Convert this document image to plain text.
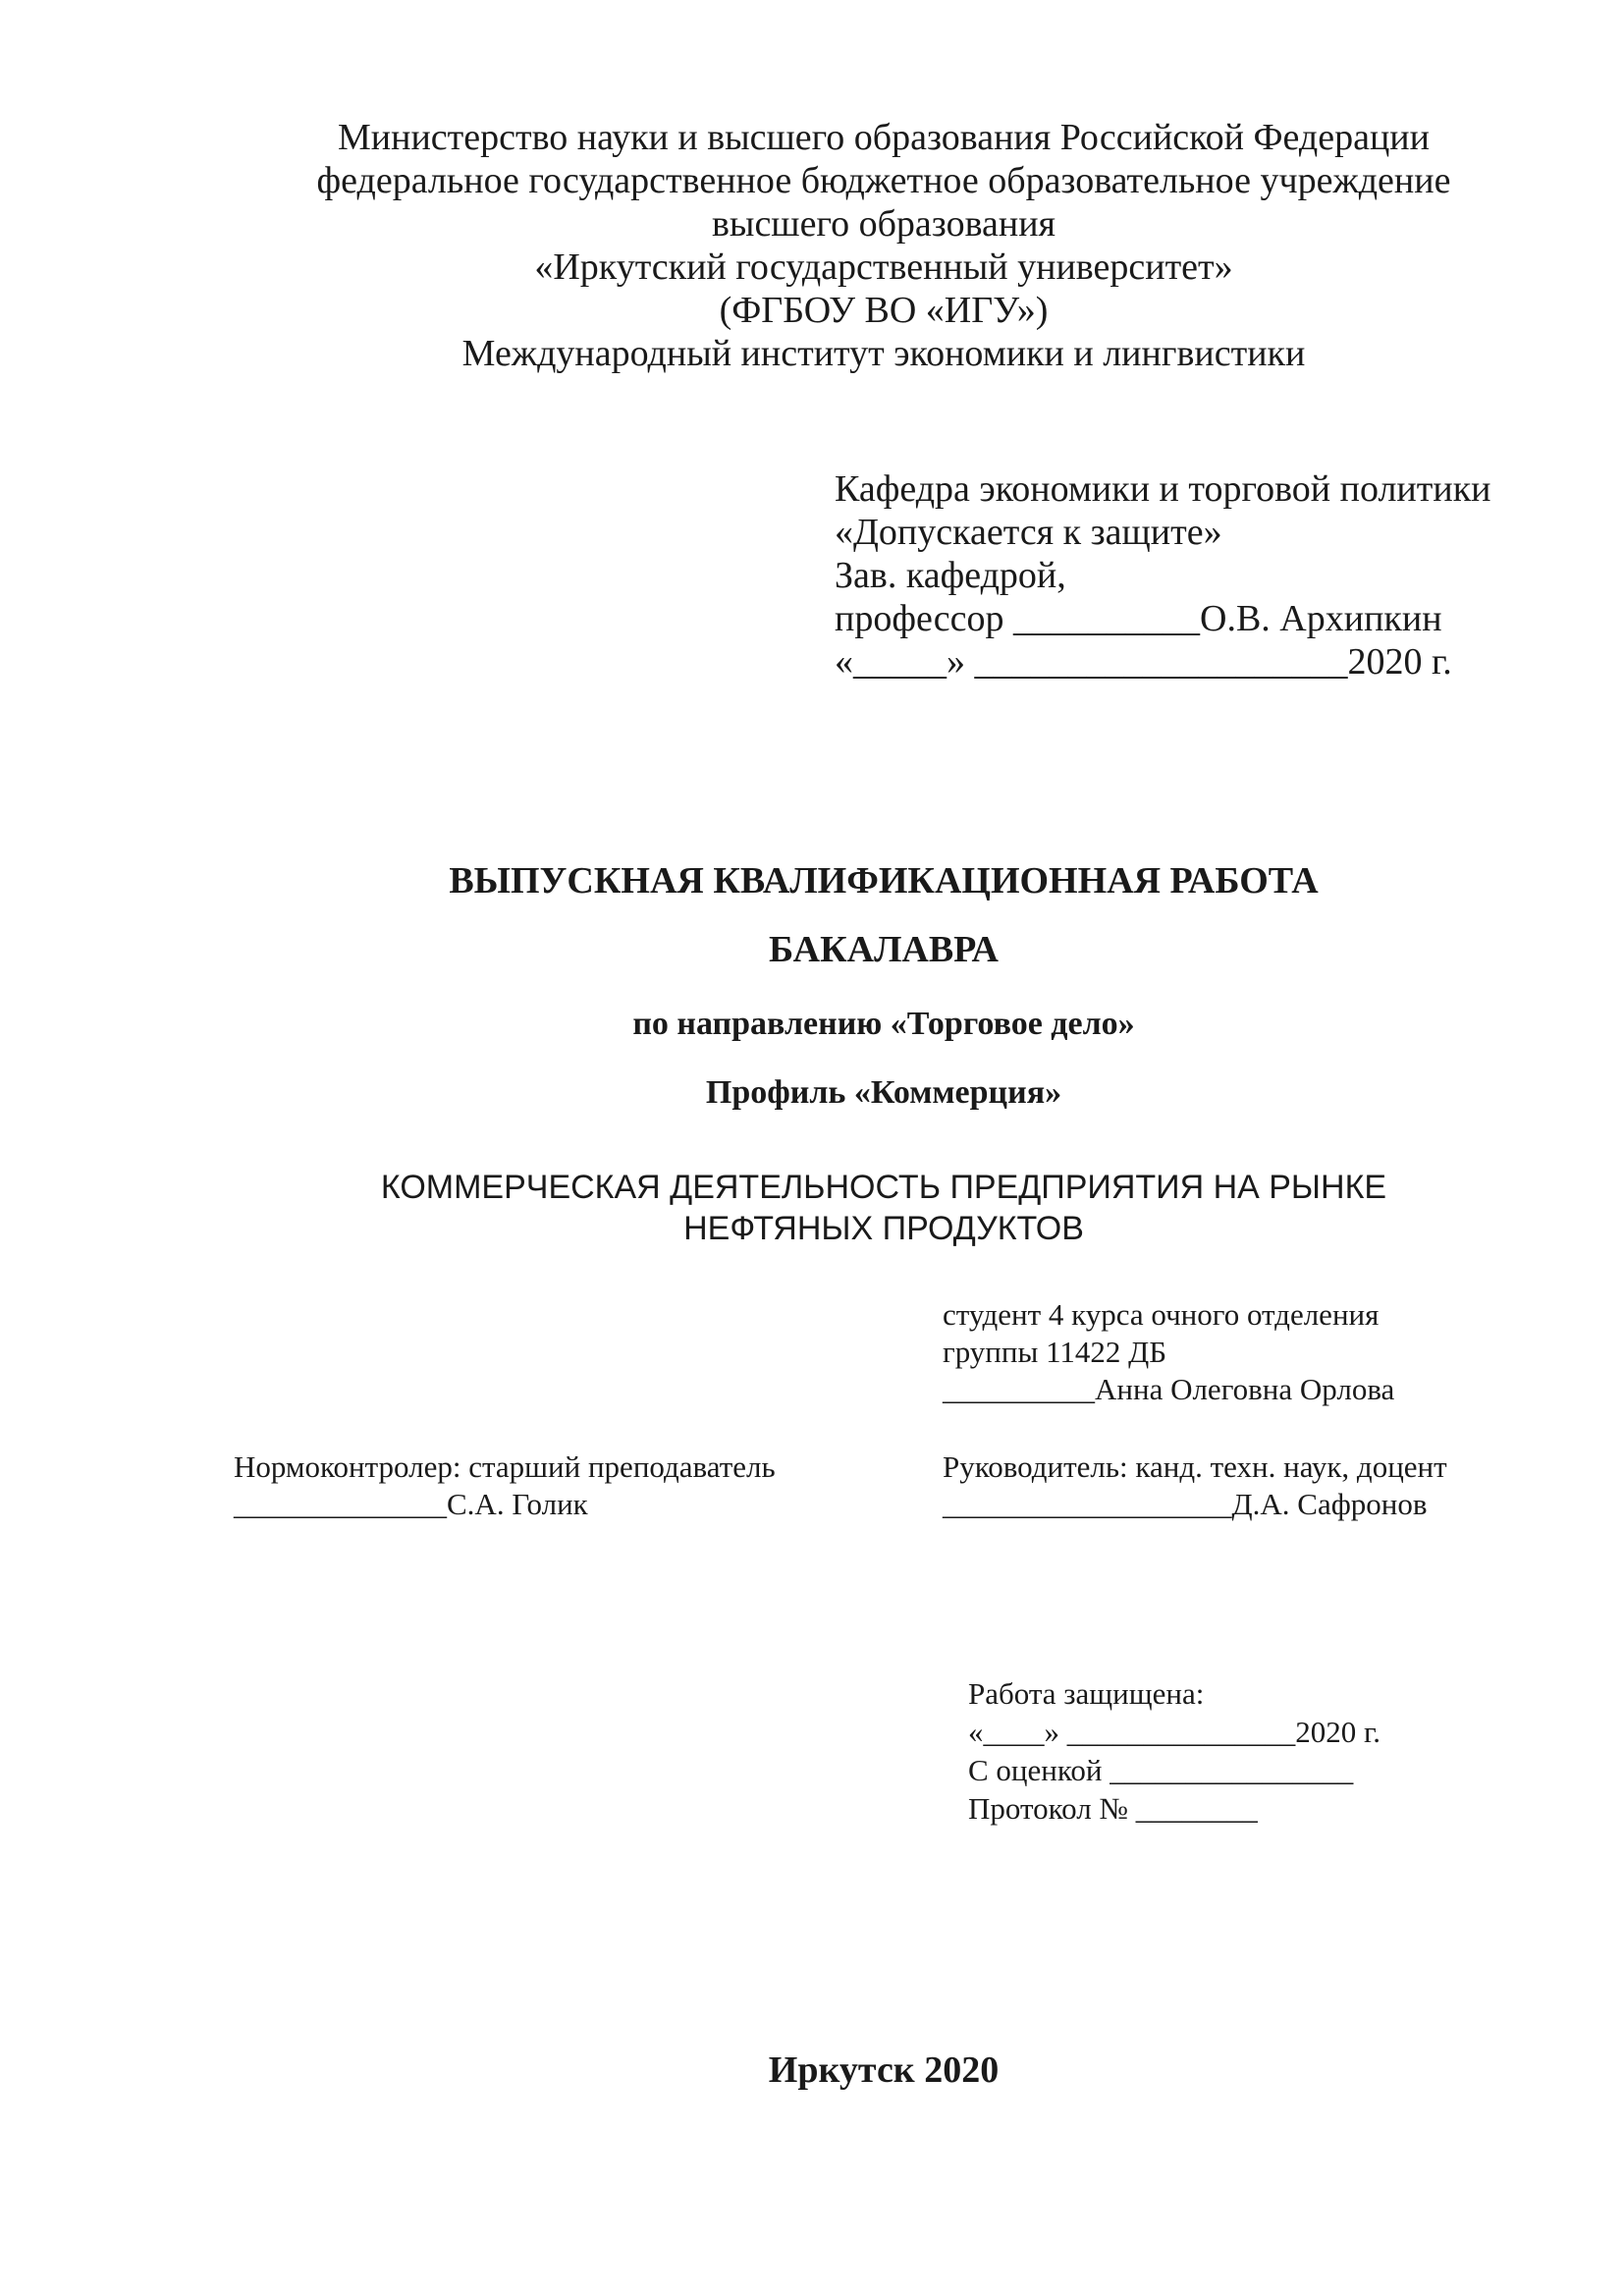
Министерство науки и высшего образования Российской Федерации
федеральное государственное бюджетное образовательное учреждение
высшего образования
«Иркутский государственный университет»
(ФГБОУ ВО «ИГУ»)
Международный институт экономики и лингвистики
Кафедра экономики и торговой политики
«Допускается к защите»
Зав. кафедрой,
профессор __________О.В. Архипкин
«_____» ____________________2020 г.
ВЫПУСКНАЯ КВАЛИФИКАЦИОННАЯ РАБОТА
БАКАЛАВРА
по направлению «Торговое дело»
Профиль «Коммерция»
КОММЕРЧЕСКАЯ ДЕЯТЕЛЬНОСТЬ ПРЕДПРИЯТИЯ НА РЫНКЕ
НЕФТЯНЫХ ПРОДУКТОВ
студент 4 курса очного отделения
группы 11422 ДБ
__________Анна Олеговна Орлова
Нормоконтролер: старший преподаватель
______________С.А. Голик
Руководитель: канд. техн. наук, доцент
___________________Д.А. Сафронов
Работа защищена:
«____» _______________2020 г.
С оценкой ________________
Протокол № ________
Иркутск 2020
